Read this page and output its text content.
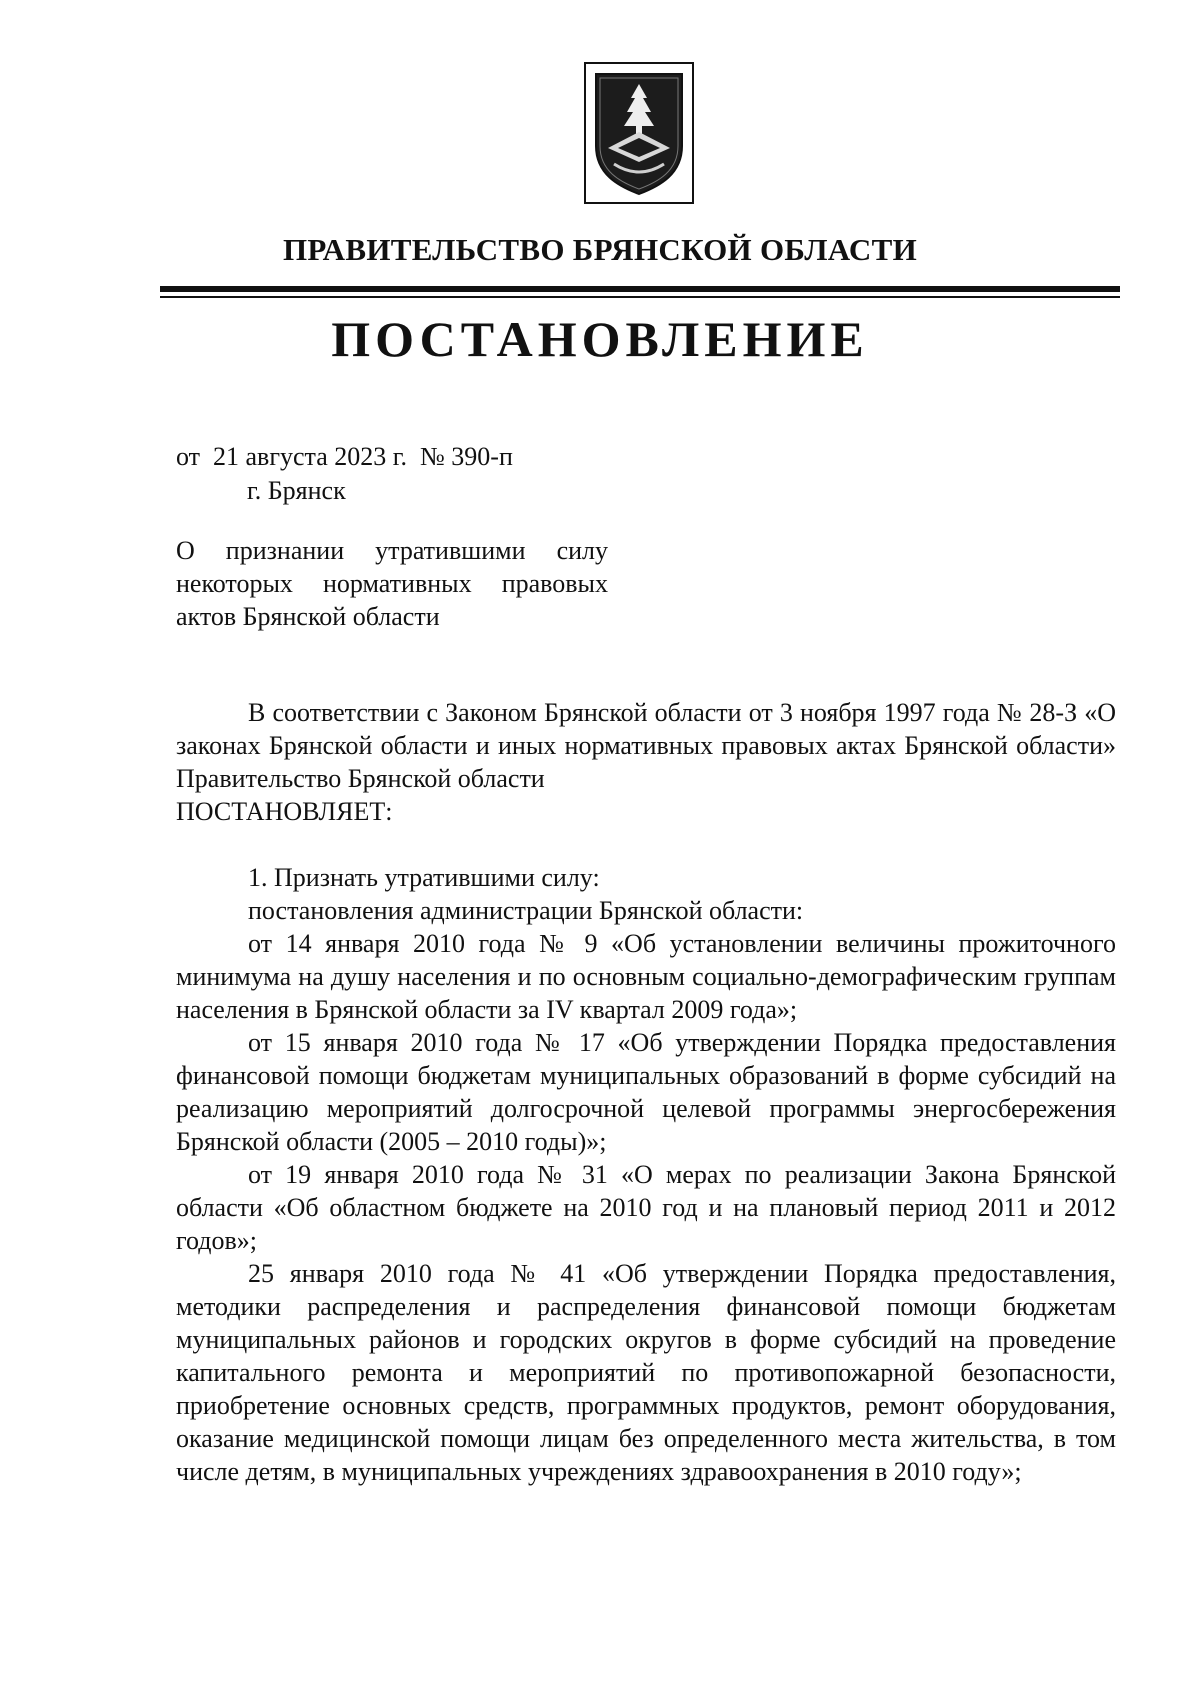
ПРАВИТЕЛЬСТВО БРЯНСКОЙ ОБЛАСТИ
ПОСТАНОВЛЕНИЕ
от  21 августа 2023 г.  № 390-п
г. Брянск
О признании утратившими силу
некоторых нормативных правовых
актов Брянской области

В соответствии с Законом Брянской области от 3 ноября 1997 года № 28-З «О законах Брянской области и иных нормативных правовых актах Брянской области» Правительство Брянской области

ПОСТАНОВЛЯЕТ:

1. Признать утратившими силу:

постановления администрации Брянской области:

от 14 января 2010 года № 9 «Об установлении величины прожиточного минимума на душу населения и по основным социально-демографическим группам населения в Брянской области за IV квартал 2009 года»;

от 15 января 2010 года № 17 «Об утверждении Порядка предоставления финансовой помощи бюджетам муниципальных образований в форме субсидий на реализацию мероприятий долгосрочной целевой программы энергосбережения Брянской области (2005 – 2010 годы)»;

от 19 января 2010 года № 31 «О мерах по реализации Закона Брянской области «Об областном бюджете на 2010 год и на плановый период 2011 и 2012 годов»;

25 января 2010 года № 41 «Об утверждении Порядка предоставления, методики распределения и распределения финансовой помощи бюджетам муниципальных районов и городских округов в форме субсидий на проведение капитального ремонта и мероприятий по противопожарной безопасности, приобретение основных средств, программных продуктов, ремонт оборудования, оказание медицинской помощи лицам без определенного места жительства, в том числе детям, в муниципальных учреждениях здравоохранения в 2010 году»;
